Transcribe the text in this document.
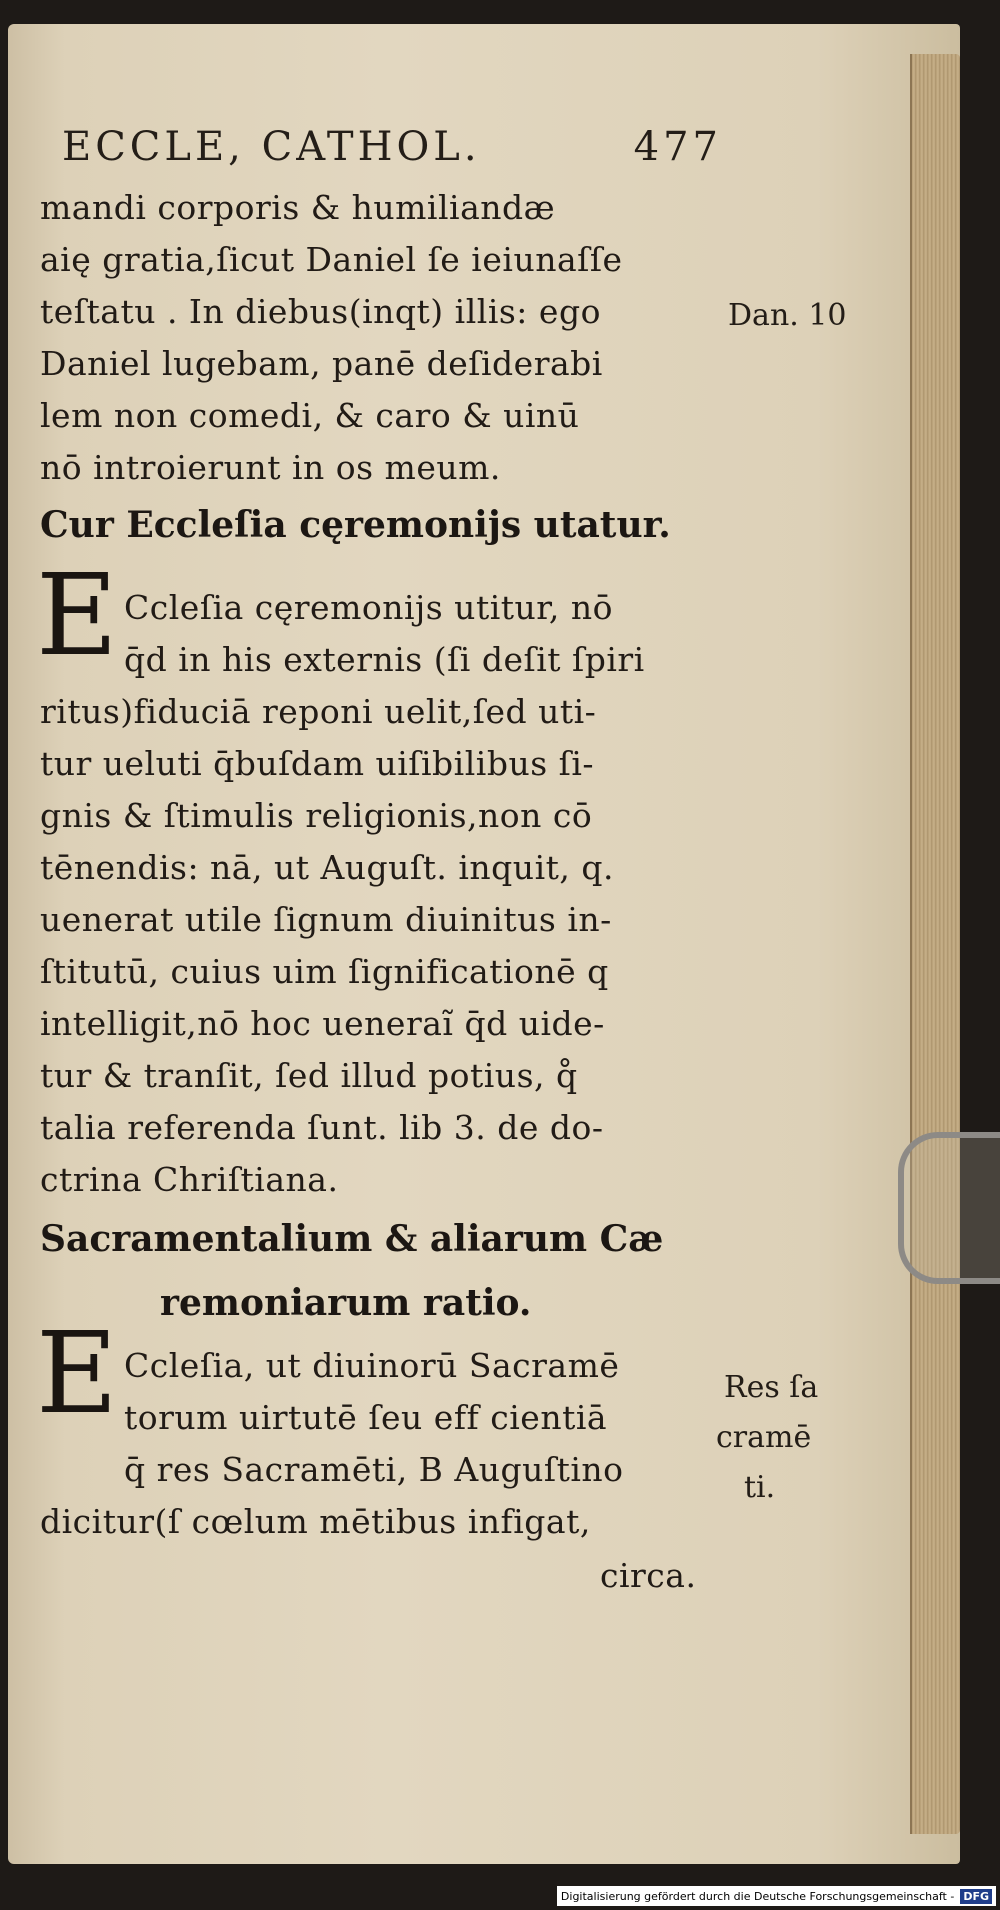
ECCLE, CATHOL.	477
mandi corporis & humiliandæ
aię gratia,ſicut Daniel ſe ieiunaſſe
teſtatu . In diebus(inqt) illis: ego
Daniel lugebam, panē deſiderabi
lem non comedi, & caro & uinū
nō introierunt in os meum.
Dan. 10
Cur Eccleſia cęremonijs utatur.
E Ccleſia cęremonijs utitur, nō
q̄d in his externis (ſi deſit ſpiri
ritus)fiduciā reponi uelit,ſed uti-
tur ueluti q̄buſdam uiſibilibus ſi-
gnis & ſtimulis religionis,non cō
tēnendis: nā, ut Auguſt. inquit, q.
uenerat utile ſignum diuinitus in-
ſtitutū, cuius uim ſignificationē q
intelligit,nō hoc ueneraĩ q̄d uide-
tur & tranſit, ſed illud potius, q̊
talia referenda ſunt. lib 3. de do-
ctrina Chriſtiana.
Sacramentalium & aliarum Cæ
remoniarum ratio.
E Ccleſia, ut diuinorū Sacramē
torum uirtutē ſeu eff cientiā
q̄ res Sacramēti, B Auguſtino
dicitur(ſ cœlum mētibus infigat,
circa.
Res ſa
cramē
ti.
Digitalisierung gefördert durch die Deutsche Forschungsgemeinschaft - DFG
